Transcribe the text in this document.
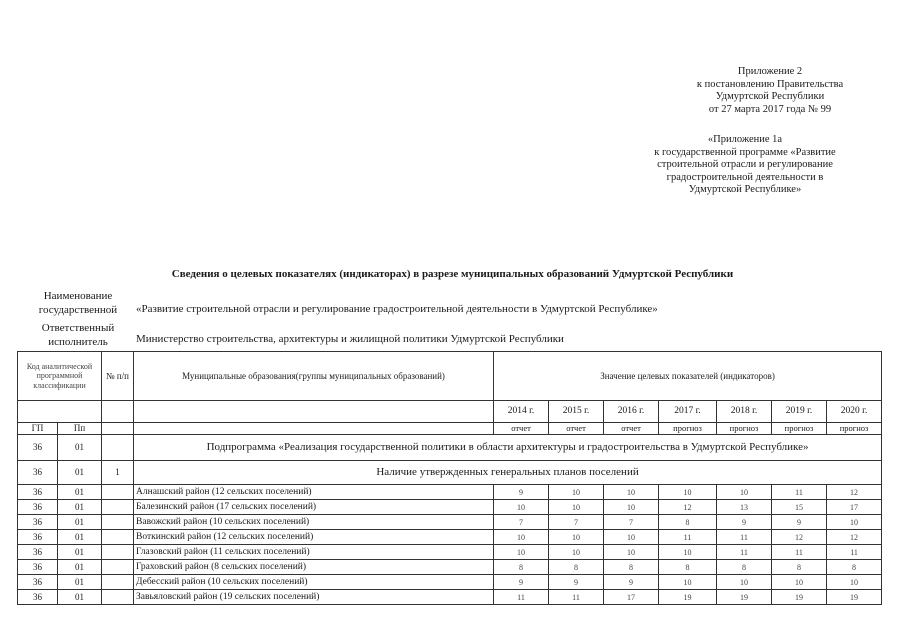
Приложение 2
к постановлению Правительства
Удмуртской Республики
от 27 марта 2017 года № 99
«Приложение 1а
к государственной программе «Развитие
строительной отрасли и регулирование
градостроительной деятельности в
Удмуртской Республике»
Сведения о целевых показателях (индикаторах) в разрезе муниципальных образований Удмуртской Республики
Наименование государственной	«Развитие строительной отрасли и регулирование градостроительной деятельности в Удмуртской Республике»
Ответственный исполнитель	Министерство строительства, архитектуры и жилищной политики Удмуртской Республики
Код аналитической программной классификации		№ п/п	Муниципальные образования(группы муниципальных образований)	Значение целевых показателей (индикаторов)						

				2014 г.	2015 г.	2016 г.	2017 г.	2018 г.	2019 г.	2020 г.
ГП	Пп			отчет	отчет	отчет	прогноз	прогноз	прогноз	прогноз
36	01		Подпрограмма «Реализация государственной политики в области архитектуры и градостроительства в Удмуртской Республике»							
36	01	1	Наличие утвержденных генеральных планов поселений							
36	01		Алнашский район (12 сельских поселений)	9	10	10	10	10	11	12
36	01		Балезинский район (17 сельских поселений)	10	10	10	12	13	15	17
36	01		Вавожский район (10 сельских поселений)	7	7	7	8	9	9	10
36	01		Воткинский район (12 сельских поселений)	10	10	10	11	11	12	12
36	01		Глазовский район (11 сельских поселений)	10	10	10	10	11	11	11
36	01		Граховский район (8 сельских поселений)	8	8	8	8	8	8	8
36	01		Дебесский район (10 сельских поселений)	9	9	9	10	10	10	10
36	01		Завьяловский район (19 сельских поселений)	11	11	17	19	19	19	19
